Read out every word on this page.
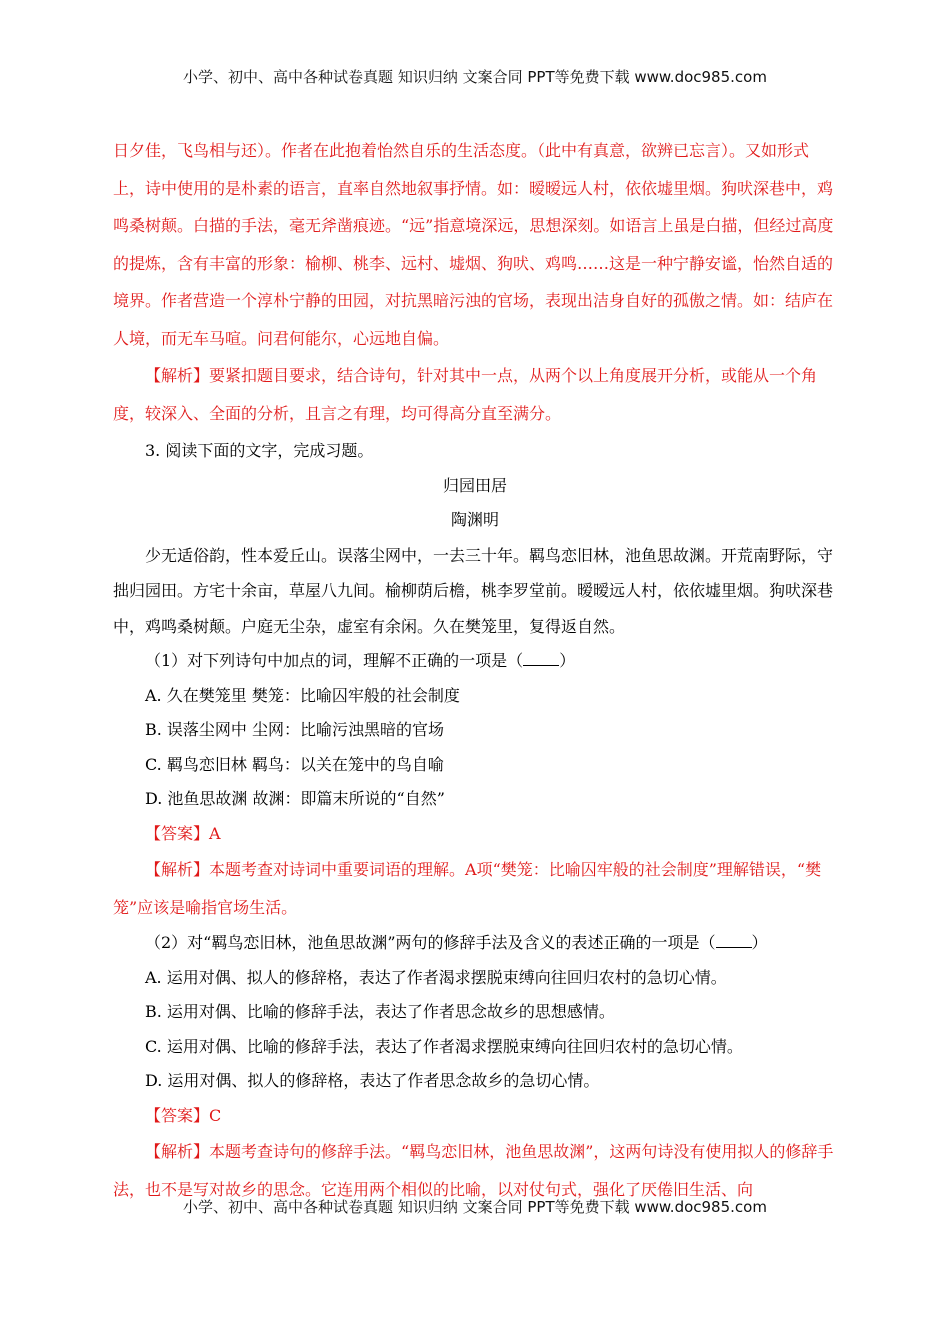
小学、初中、高中各种试卷真题 知识归纳 文案合同 PPT等免费下载 www.doc985.com

日夕佳，飞鸟相与还）。作者在此抱着怡然自乐的生活态度。（此中有真意，欲辨已忘言）。又如形式上，诗中使用的是朴素的语言，直率自然地叙事抒情。如：暧暧远人村，依依墟里烟。狗吠深巷中，鸡鸣桑树颠。白描的手法，毫无斧凿痕迹。“远”指意境深远，思想深刻。如语言上虽是白描，但经过高度的提炼，含有丰富的形象：榆柳、桃李、远村、墟烟、狗吠、鸡鸣……这是一种宁静安谧，怡然自适的境界。作者营造一个淳朴宁静的田园，对抗黑暗污浊的官场，表现出洁身自好的孤傲之情。如：结庐在人境，而无车马喧。问君何能尔，心远地自偏。

【解析】要紧扣题目要求，结合诗句，针对其中一点，从两个以上角度展开分析，或能从一个角度，较深入、全面的分析，且言之有理，均可得高分直至满分。

3. 阅读下面的文字，完成习题。

归园田居

陶渊明

少无适俗韵，性本爱丘山。误落尘网中，一去三十年。羁鸟恋旧林，池鱼思故渊。开荒南野际，守拙归园田。方宅十余亩，草屋八九间。榆柳荫后檐，桃李罗堂前。暧暧远人村，依依墟里烟。狗吠深巷中，鸡鸣桑树颠。户庭无尘杂，虚室有余闲。久在樊笼里，复得返自然。

（1）对下列诗句中加点的词，理解不正确的一项是（ ）

A. 久在樊笼里 樊笼：比喻囚牢般的社会制度

B. 误落尘网中 尘网：比喻污浊黑暗的官场

C. 羁鸟恋旧林 羁鸟：以关在笼中的鸟自喻

D. 池鱼思故渊 故渊：即篇末所说的“自然”

【答案】A

【解析】本题考查对诗词中重要词语的理解。A项“樊笼：比喻囚牢般的社会制度”理解错误，“樊笼”应该是喻指官场生活。

（2）对“羁鸟恋旧林，池鱼思故渊”两句的修辞手法及含义的表述正确的一项是（ ）

A. 运用对偶、拟人的修辞格，表达了作者渴求摆脱束缚向往回归农村的急切心情。

B. 运用对偶、比喻的修辞手法，表达了作者思念故乡的思想感情。

C. 运用对偶、比喻的修辞手法，表达了作者渴求摆脱束缚向往回归农村的急切心情。

D. 运用对偶、拟人的修辞格，表达了作者思念故乡的急切心情。

【答案】C

【解析】本题考查诗句的修辞手法。“羁鸟恋旧林，池鱼思故渊”，这两句诗没有使用拟人的修辞手法，也不是写对故乡的思念。它连用两个相似的比喻，以对仗句式，强化了厌倦旧生活、向

小学、初中、高中各种试卷真题 知识归纳 文案合同 PPT等免费下载 www.doc985.com
